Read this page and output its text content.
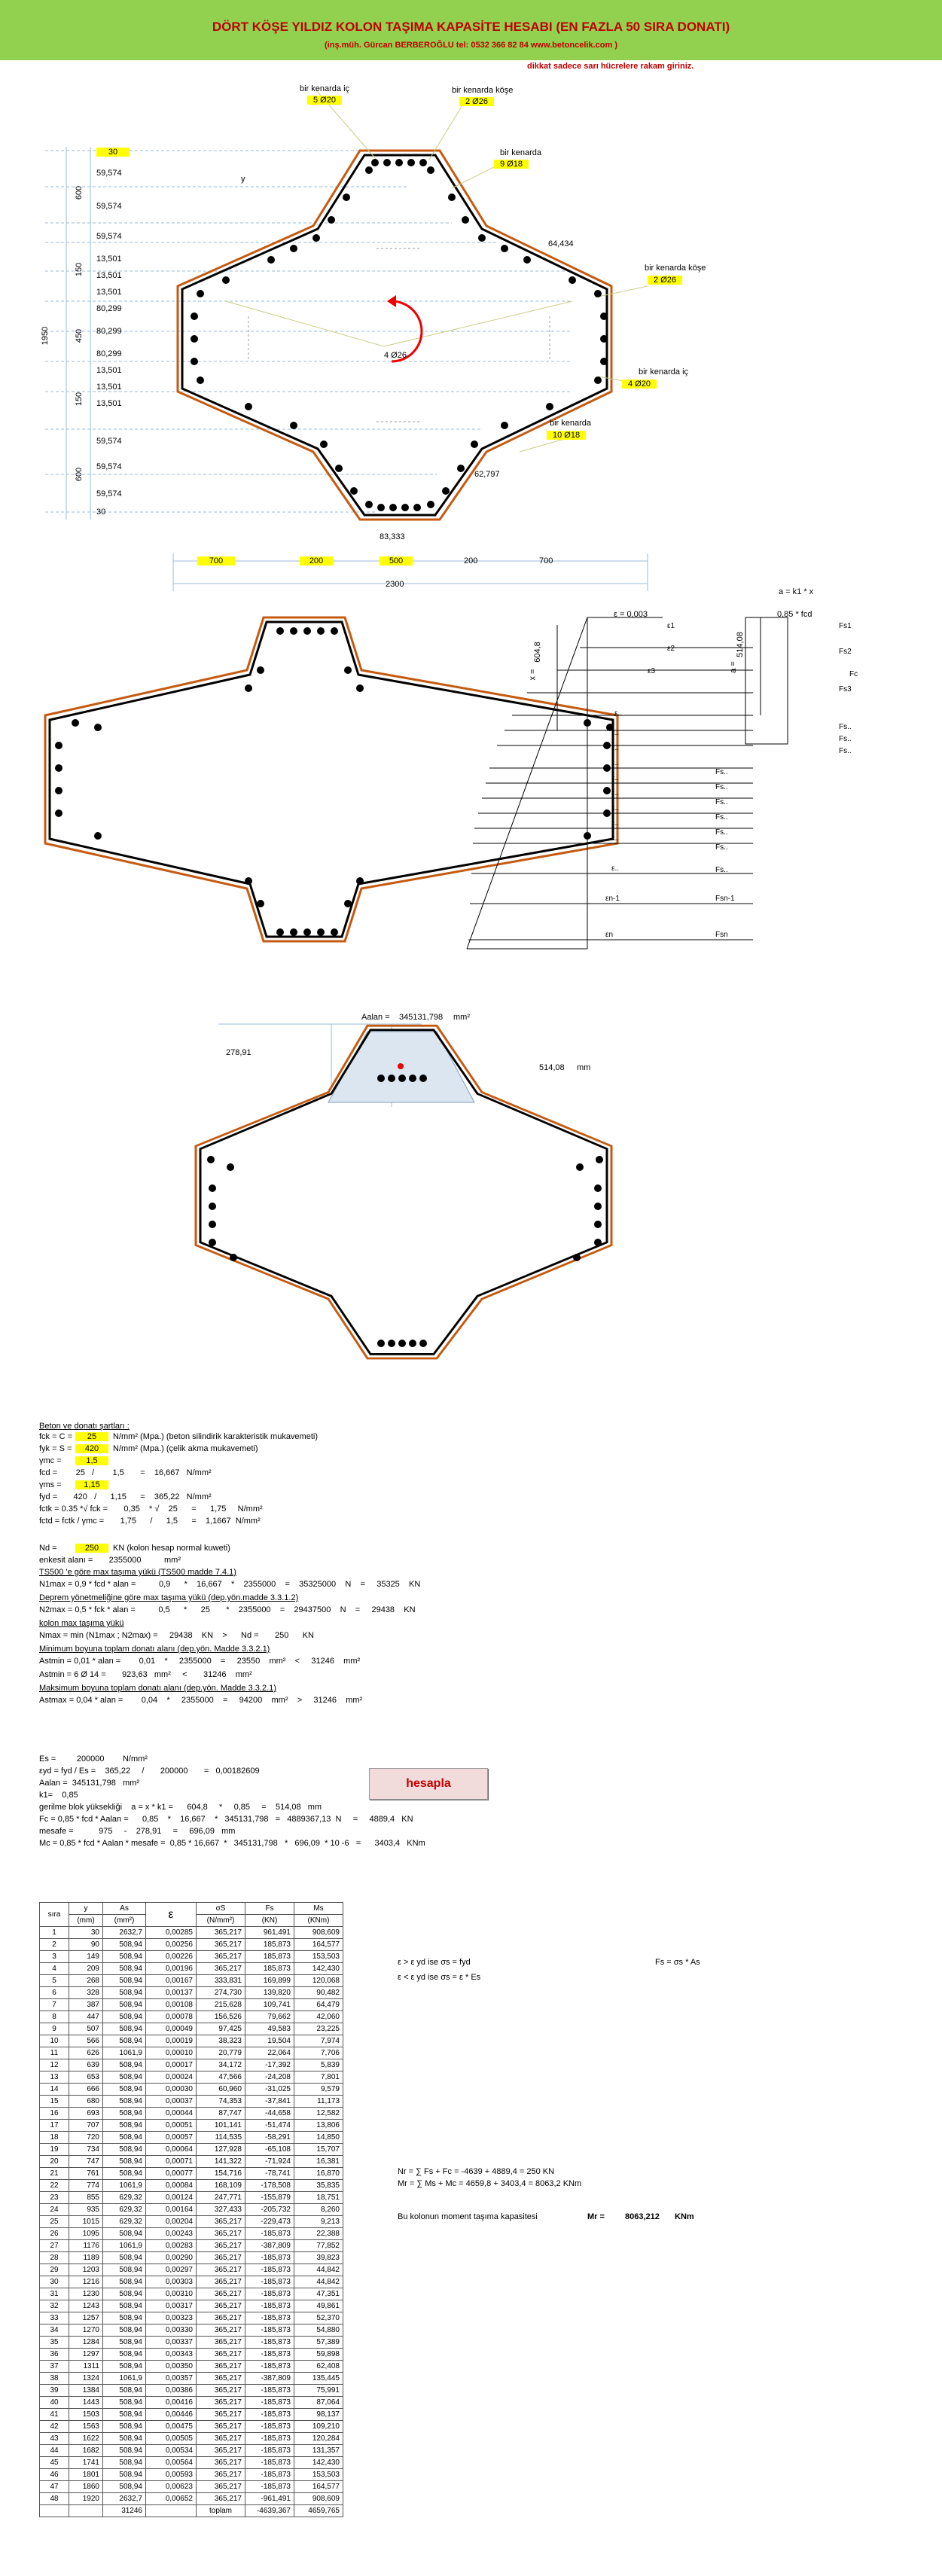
DÖRT KÖŞE YILDIZ KOLON TAŞIMA KAPASİTE HESABI (EN FAZLA 50 SIRA DONATI)
(inş.müh. Gürcan BERBEROĞLU tel: 0532 366 82 84 www.betoncelik.com )
dikkat sadece sarı hücrelere rakam giriniz.
bir kenarda iç
5 Ø20
bir kenarda köşe
2 Ø26
bir kenarda
9 Ø18
bir kenarda köşe
2 Ø26
bir kenarda iç
4 Ø20
bir kenarda
10 Ø18
4 Ø26
y
64,434
62,797
83,333
1950
600
150
450
150
600
30
59,574
59,574
59,574
13,501
13,501
13,501
80,299
80,299
80,299
13,501
13,501
13,501
59,574
59,574
59,574
30
700	200	500	200	700
2300
a = k1 * x
ε = 0,003	0,85 * fcd
x =
604,8
a =
514,08
ε1
ε2
ε3
ε..
ε..
ε..
ε..
ε..
ε..
ε..
ε..
ε..
ε..
εn-1
εn
Fs1
Fs2
Fc
Fs3
Fs..
Fs..
Fs..
Fs..
Fs..
Fs..
Fs..
Fs..
Fs..
Fs..
Fsn-1
Fsn
Aalan = 345131,798 mm²
278,91
514,08 mm
Beton ve donatı şartları :
fck = C =	25	N/mm² (Mpa.) (beton silindirik karakteristik mukavemeti)
fyk = S =	420	N/mm² (Mpa.) (çelik akma mukavemeti)
γmc =	1,5
fcd =        25   /        1,5       =    16,667   N/mm²
γms =	1,15
fyd =       420   /      1,15      =    365,22   N/mm²
fctk = 0.35 *√ fck =       0,35    * √    25      =      1,75     N/mm²
fctd = fctk / γmc =       1,75      /      1,5      =    1,1667  N/mm²
Nd =	250	KN (kolon hesap normal kuweti)
enkesit alanı =       2355000          mm²
TS500 'e göre max taşıma yükü (TS500 madde 7.4.1)
N1max = 0,9 * fcd * alan =          0,9      *    16,667    *    2355000    =    35325000    N    =     35325    KN
Deprem yönetmeliğine göre max taşıma yükü (dep.yön.madde 3.3.1.2)
N2max = 0,5 * fck * alan =          0,5      *      25       *    2355000    =    29437500    N    =     29438    KN
kolon max taşıma yükü
Nmax = min (N1max ; N2max) =     29438    KN    >      Nd =       250      KN
Minimum boyuna toplam donatı alanı (dep.yön. Madde 3.3.2.1)
Astmin = 0,01 * alan =        0,01    *     2355000    =     23550    mm²    <     31246    mm²
Astmin = 6 Ø 14 =       923,63   mm²     <       31246    mm²
Maksimum boyuna toplam donatı alanı (dep.yön. Madde 3.3.2.1)
Astmax = 0,04 * alan =        0,04    *     2355000    =     94200    mm²    >     31246    mm²
Es =         200000        N/mm²
εyd = fyd / Es =    365,22     /       200000       =   0,00182609
Aalan =  345131,798   mm²
k1=    0,85
gerilme blok yüksekliği    a = x * k1 =      604,8     *     0,85     =    514,08   mm
Fc = 0,85 * fcd * Aalan =      0,85    *    16,667    *   345131,798   =   4889367,13  N     =     4889,4   KN
mesafe =           975     -    278,91     =     696,09   mm
Mc = 0,85 * fcd * Aalan * mesafe =  0,85 * 16,667  *   345131,798   *   696,09  * 10 -6   =      3403,4   KNm
hesapla
ε > ε yd ise σs = fyd
ε < ε yd ise σs = ε * Es
Fs = σs * As
Nr = ∑ Fs + Fc = -4639 + 4889,4 = 250 KN
Mr = ∑ Ms + Mc = 4659,8 + 3403,4 = 8063,2 KNm
Bu kolonun moment taşıma kapasitesi	Mr = 8063,212 KNm
sıra	y	As	ε	σS	Fs	Ms
	(mm)	(mm²)		(N/mm²)	(KN)	(KNm)
1	30	2632,7	0,00285	365,217	961,491	908,609
2	90	508,94	0,00256	365,217	185,873	164,577
3	149	508,94	0,00226	365,217	185,873	153,503
4	209	508,94	0,00196	365,217	185,873	142,430
5	268	508,94	0,00167	333,831	169,899	120,068
6	328	508,94	0,00137	274,730	139,820	90,482
7	387	508,94	0,00108	215,628	109,741	64,479
8	447	508,94	0,00078	156,526	79,662	42,060
9	507	508,94	0,00049	97,425	49,583	23,225
10	566	508,94	0,00019	38,323	19,504	7,974
11	626	1061,9	0,00010	20,779	22,064	7,706
12	639	508,94	0,00017	34,172	-17,392	5,839
13	653	508,94	0,00024	47,566	-24,208	7,801
14	666	508,94	0,00030	60,960	-31,025	9,579
15	680	508,94	0,00037	74,353	-37,841	11,173
16	693	508,94	0,00044	87,747	-44,658	12,582
17	707	508,94	0,00051	101,141	-51,474	13,806
18	720	508,94	0,00057	114,535	-58,291	14,850
19	734	508,94	0,00064	127,928	-65,108	15,707
20	747	508,94	0,00071	141,322	-71,924	16,381
21	761	508,94	0,00077	154,716	-78,741	16,870
22	774	1061,9	0,00084	168,109	-178,508	35,835
23	855	629,32	0,00124	247,771	-155,879	18,751
24	935	629,32	0,00164	327,433	-205,732	8,260
25	1015	629,32	0,00204	365,217	-229,473	9,213
26	1095	508,94	0,00243	365,217	-185,873	22,388
27	1176	1061,9	0,00283	365,217	-387,809	77,852
28	1189	508,94	0,00290	365,217	-185,873	39,823
29	1203	508,94	0,00297	365,217	-185,873	44,842
30	1216	508,94	0,00303	365,217	-185,873	44,842
31	1230	508,94	0,00310	365,217	-185,873	47,351
32	1243	508,94	0,00317	365,217	-185,873	49,861
33	1257	508,94	0,00323	365,217	-185,873	52,370
34	1270	508,94	0,00330	365,217	-185,873	54,880
35	1284	508,94	0,00337	365,217	-185,873	57,389
36	1297	508,94	0,00343	365,217	-185,873	59,898
37	1311	508,94	0,00350	365,217	-185,873	62,408
38	1324	1061,9	0,00357	365,217	-387,809	135,445
39	1384	508,94	0,00386	365,217	-185,873	75,991
40	1443	508,94	0,00416	365,217	-185,873	87,064
41	1503	508,94	0,00446	365,217	-185,873	98,137
42	1563	508,94	0,00475	365,217	-185,873	109,210
43	1622	508,94	0,00505	365,217	-185,873	120,284
44	1682	508,94	0,00534	365,217	-185,873	131,357
45	1741	508,94	0,00564	365,217	-185,873	142,430
46	1801	508,94	0,00593	365,217	-185,873	153,503
47	1860	508,94	0,00623	365,217	-185,873	164,577
48	1920	2632,7	0,00652	365,217	-961,491	908,609
		31246		toplam	-4639,367	4659,765
